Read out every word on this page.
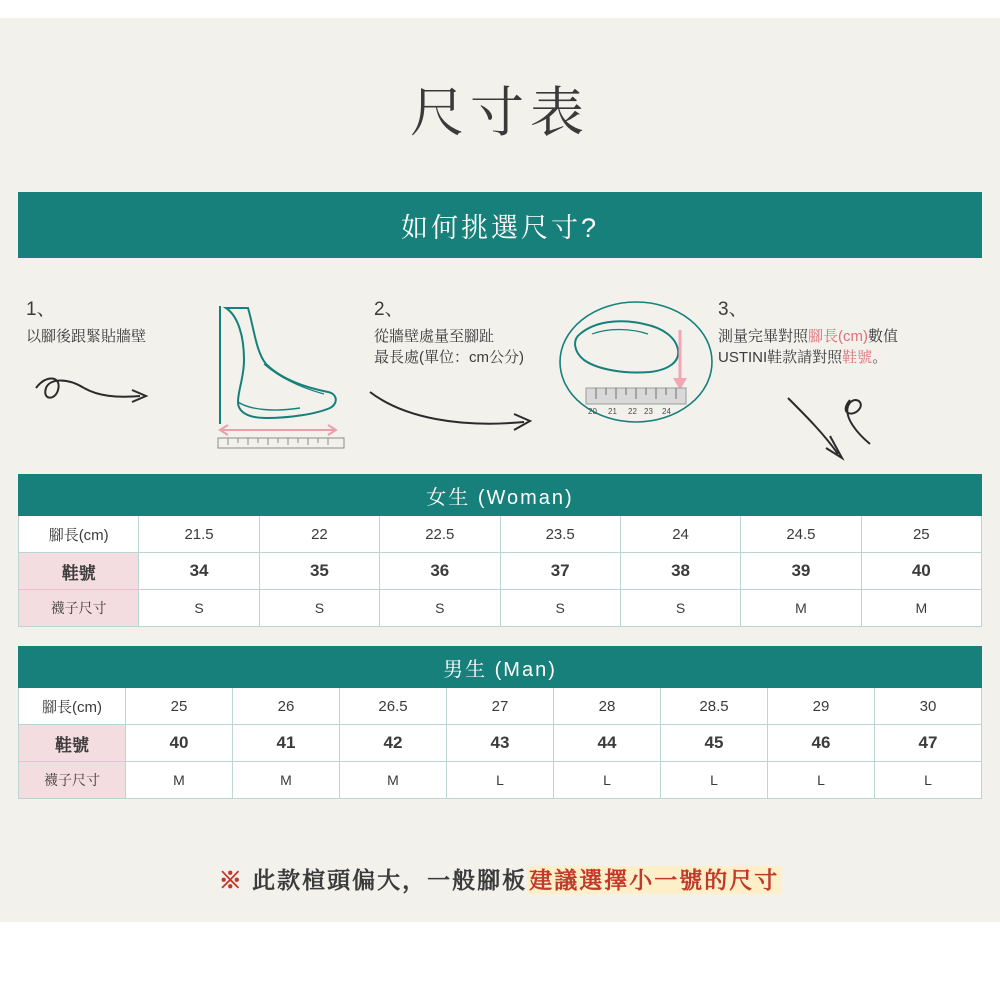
尺寸表
如何挑選尺寸?
1、
以腳後跟緊貼牆壁
2、
從牆壁處量至腳趾
最長處(單位：cm公分)
20 21 22 23 24
3、
測量完畢對照腳長(cm)數值
USTINI鞋款請對照鞋號。
女生 (Woman)							
腳長(cm)	21.5	22	22.5	23.5	24	24.5	25
鞋號	34	35	36	37	38	39	40
襪子尺寸	S	S	S	S	S	M	M
男生 (Man)								
腳長(cm)	25	26	26.5	27	28	28.5	29	30
鞋號	40	41	42	43	44	45	46	47
襪子尺寸	M	M	M	L	L	L	L	L
※ 此款楦頭偏大，一般腳板建議選擇小一號的尺寸
